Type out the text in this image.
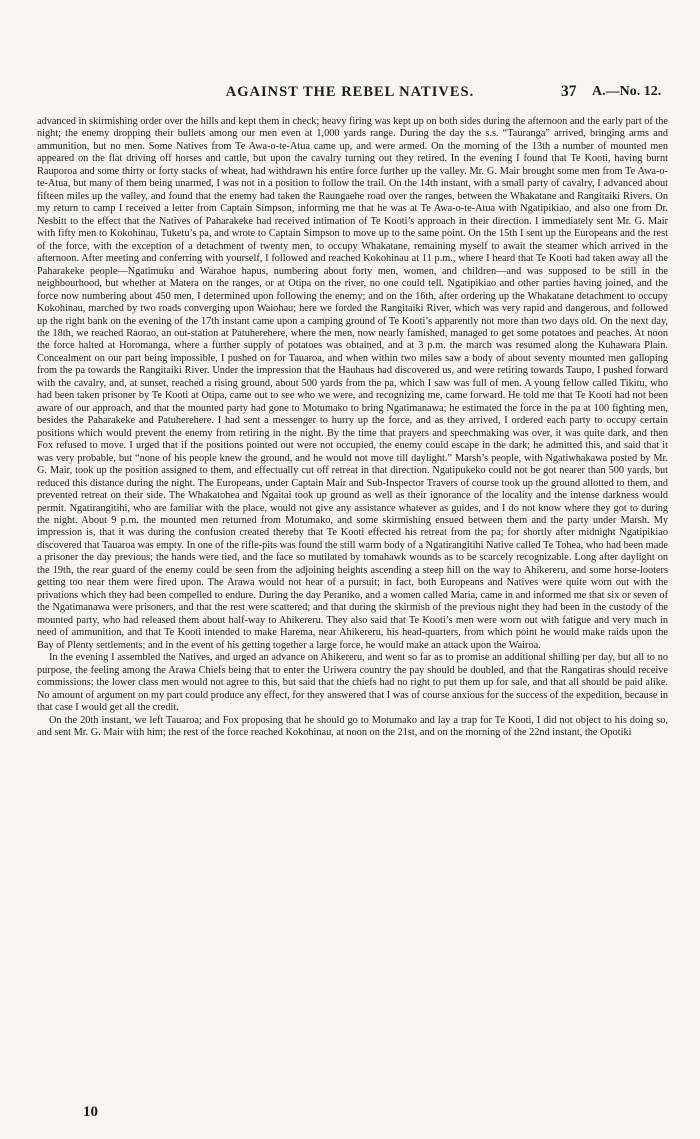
AGAINST THE REBEL NATIVES.	37 A.—No. 12.

advanced in skirmishing order over the hills and kept them in check; heavy firing was kept up on both sides during the afternoon and the early part of the night; the enemy dropping their bullets among our men even at 1,000 yards range. During the day the s.s. “Tauranga” arrived, bringing arms and ammunition, but no men. Some Natives from Te Awa-o-te-Atua came up, and were armed. On the morning of the 13th a number of mounted men appeared on the flat driving off horses and cattle, but upon the cavalry turning out they retired. In the evening I found that Te Kooti, having burnt Rauporoa and some thirty or forty stacks of wheat, had withdrawn his entire force further up the valley. Mr. G. Mair brought some men from Te Awa-o-te-Atua, but many of them being unarmed, I was not in a position to follow the trail. On the 14th instant, with a small party of cavalry, I advanced about fifteen miles up the valley, and found that the enemy had taken the Raungaehe road over the ranges, between the Whakatane and Rangitaiki Rivers. On my return to camp I received a letter from Captain Simpson, informing me that he was at Te Awa-o-te-Atua with Ngatipikiao, and also one from Dr. Nesbitt to the effect that the Natives of Paharakeke had received intimation of Te Kooti’s approach in their direction. I immediately sent Mr. G. Mair with fifty men to Kokohinau, Tuketu’s pa, and wrote to Captain Simpson to move up to the same point. On the 15th I sent up the Europeans and the rest of the force, with the exception of a detachment of twenty men, to occupy Whakatane, remaining myself to await the steamer which arrived in the afternoon. After meeting and conferring with yourself, I followed and reached Kokohinau at 11 p.m., where I heard that Te Kooti had taken away all the Paharakeke people—Ngatimuku and Warahoe hapus, numbering about forty men, women, and children—and was supposed to be still in the neighbourhood, but whether at Matera on the ranges, or at Otipa on the river, no one could tell. Ngatipikiao and other parties having joined, and the force now numbering about 450 men, I determined upon following the enemy; and on the 16th, after ordering up the Whakatane detachment to occupy Kokohinau, marched by two roads converging upon Waiohau; here we forded the Rangitaiki River, which was very rapid and dangerous, and followed up the right bank on the evening of the 17th instant came upon a camping ground of Te Kooti’s apparently not more than two days old. On the next day, the 18th, we reached Raorao, an out-station at Patuherehere, where the men, now nearly famished, managed to get some potatoes and peaches. At noon the force halted at Horomanga, where a further supply of potatoes was obtained, and at 3 p.m. the march was resumed along the Kuhawara Plain. Concealment on our part being impossible, I pushed on for Tauaroa, and when within two miles saw a body of about seventy mounted men galloping from the pa towards the Rangitaiki River. Under the impression that the Hauhaus had discovered us, and were retiring towards Taupo, I pushed forward with the cavalry, and, at sunset, reached a rising ground, about 500 yards from the pa, which I saw was full of men. A young fellow called Tikitu, who had been taken prisoner by Te Kooti at Otipa, came out to see who we were, and recognizing me, came forward. He told me that Te Kooti had not been aware of our approach, and that the mounted party had gone to Motumako to bring Ngatimanawa; he estimated the force in the pa at 100 fighting men, besides the Paharakeke and Patuherehere. I had sent a messenger to hurry up the force, and as they arrived, I ordered each party to occupy certain positions which would prevent the enemy from retiring in the night. By the time that prayers and speechmaking was over, it was quite dark, and then Fox refused to move. I urged that if the positions pointed out were not occupied, the enemy could escape in the dark; he admitted this, and said that it was very probable, but “none of his people knew the ground, and he would not move till daylight.” Marsh’s people, with Ngatiwhakawa posted by Mr. G. Mair, took up the position assigned to them, and effectually cut off retreat in that direction. Ngatipukeko could not be got nearer than 500 yards, but reduced this distance during the night. The Europeans, under Captain Mair and Sub-Inspector Travers of course took up the ground allotted to them, and prevented retreat on their side. The Whakatohea and Ngaitai took up ground as well as their ignorance of the locality and the intense darkness would permit. Ngatirangitihi, who are familiar with the place, would not give any assistance whatever as guides, and I do not know where they got to during the night. About 9 p.m. the mounted men returned from Motumako, and some skirmishing ensued between them and the party under Marsh. My impression is, that it was during the confusion created thereby that Te Kooti effected his retreat from the pa; for shortly after midnight Ngatipikiao discovered that Tauaroa was empty. In one of the rifle-pits was found the still warm body of a Ngatirangitihi Native called Te Tohea, who had been made a prisoner the day previous; the hands were tied, and the face so mutilated by tomahawk wounds as to be scarcely recognizable. Long after daylight on the 19th, the rear guard of the enemy could be seen from the adjoining heights ascending a steep hill on the way to Ahikereru, and some horse-looters getting too near them were fired upon. The Arawa would not hear of a pursuit; in fact, both Europeans and Natives were quite worn out with the privations which they had been compelled to endure. During the day Peraniko, and a women called Maria, came in and informed me that six or seven of the Ngatimanawa were prisoners, and that the rest were scattered; and that during the skirmish of the previous night they had been in the custody of the mounted party, who had released them about half-way to Ahikereru. They also said that Te Kooti’s men were worn out with fatigue and very much in need of ammunition, and that Te Kooti intended to make Harema, near Ahikereru, his head-quarters, from which point he would make raids upon the Bay of Plenty settlements; and in the event of his getting together a large force, he would make an attack upon the Wairoa.

In the evening I assembled the Natives, and urged an advance on Ahikereru, and went so far as to promise an additional shilling per day, but all to no purpose, the feeling among the Arawa Chiefs being that to enter the Uriwera country the pay should be doubled, and that the Rangatiras should receive commissions; the lower class men would not agree to this, but said that the chiefs had no right to put them up for sale, and that all should be paid alike. No amount of argument on my part could produce any effect, for they answered that I was of course anxious for the success of the expedition, because in that case I would get all the credit.

On the 20th instant, we left Tauaroa; and Fox proposing that he should go to Motumako and lay a trap for Te Kooti, I did not object to his doing so, and sent Mr. G. Mair with him; the rest of the force reached Kokohinau, at noon on the 21st, and on the morning of the 22nd instant, the Opotiki

10
